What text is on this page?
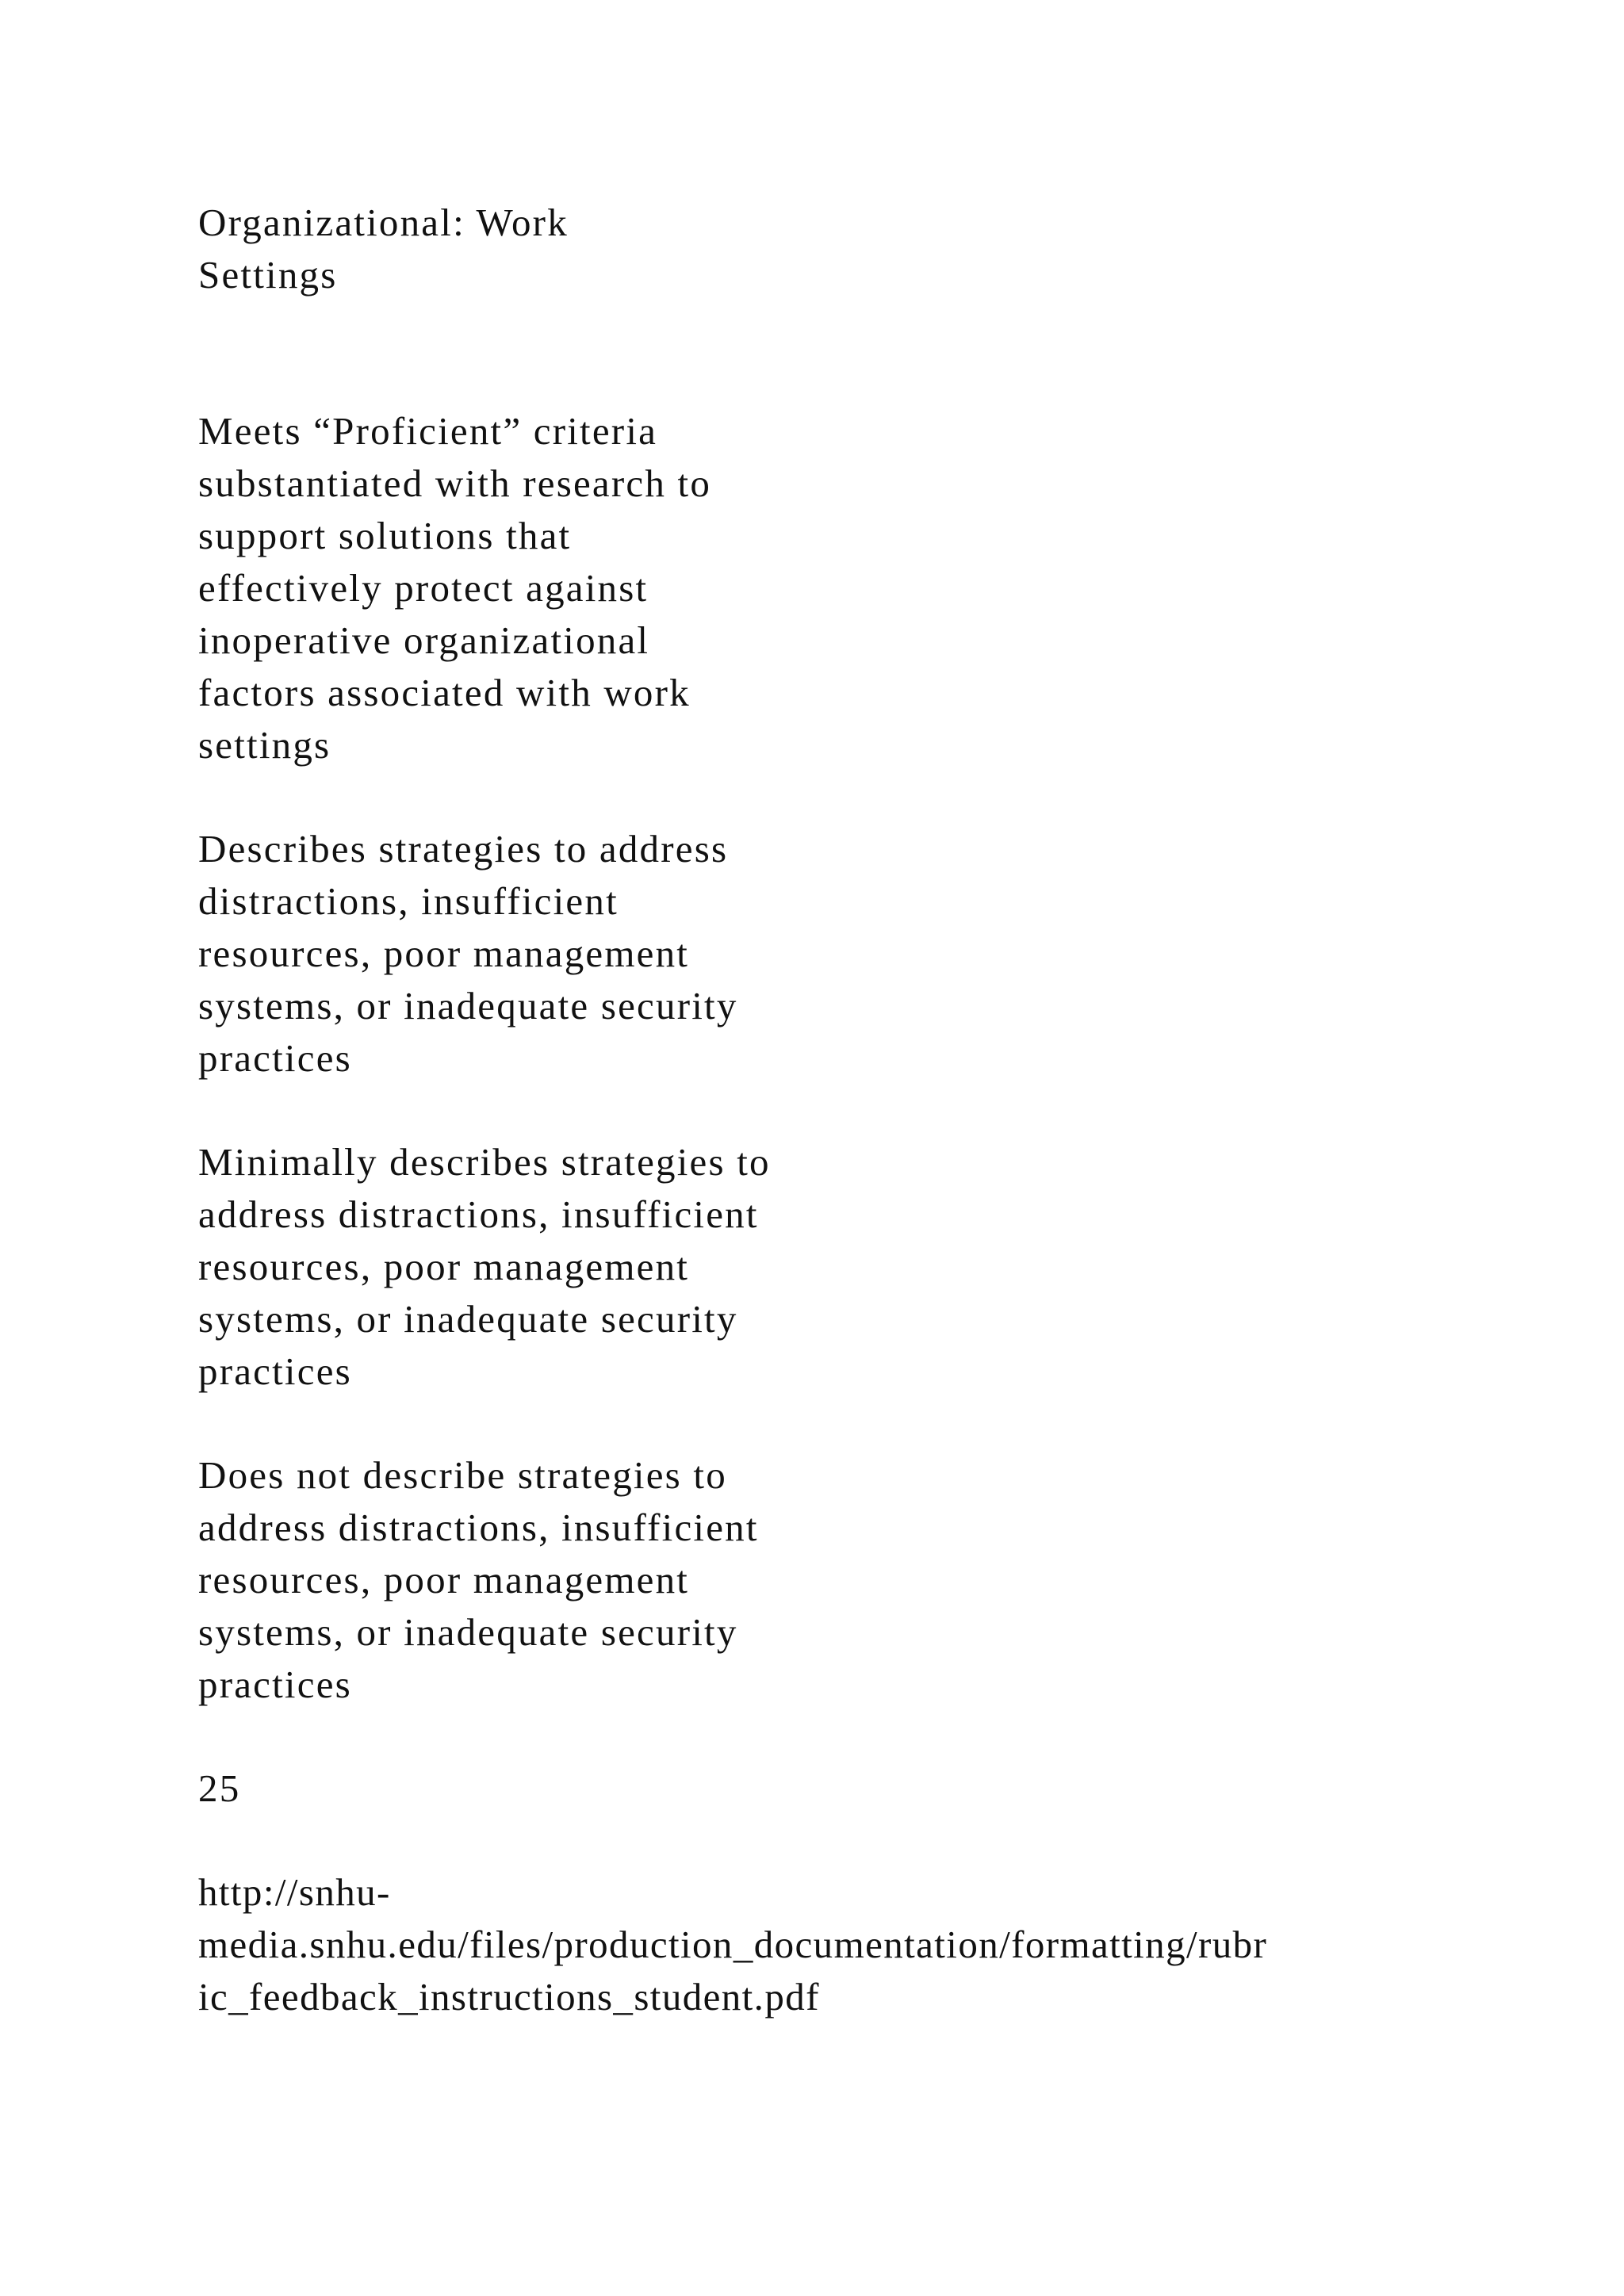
Organizational: Work

Settings

Meets “Proficient” criteria

substantiated with research to

support solutions that

effectively protect against

inoperative organizational

factors associated with work

settings

Describes strategies to address

distractions, insufficient

resources, poor management

systems, or inadequate security

practices

Minimally describes strategies to

address distractions, insufficient

resources, poor management

systems, or inadequate security

practices

Does not describe strategies to

address distractions, insufficient

resources, poor management

systems, or inadequate security

practices

25

http://snhu-

media.snhu.edu/files/production_documentation/formatting/rubr

ic_feedback_instructions_student.pdf
